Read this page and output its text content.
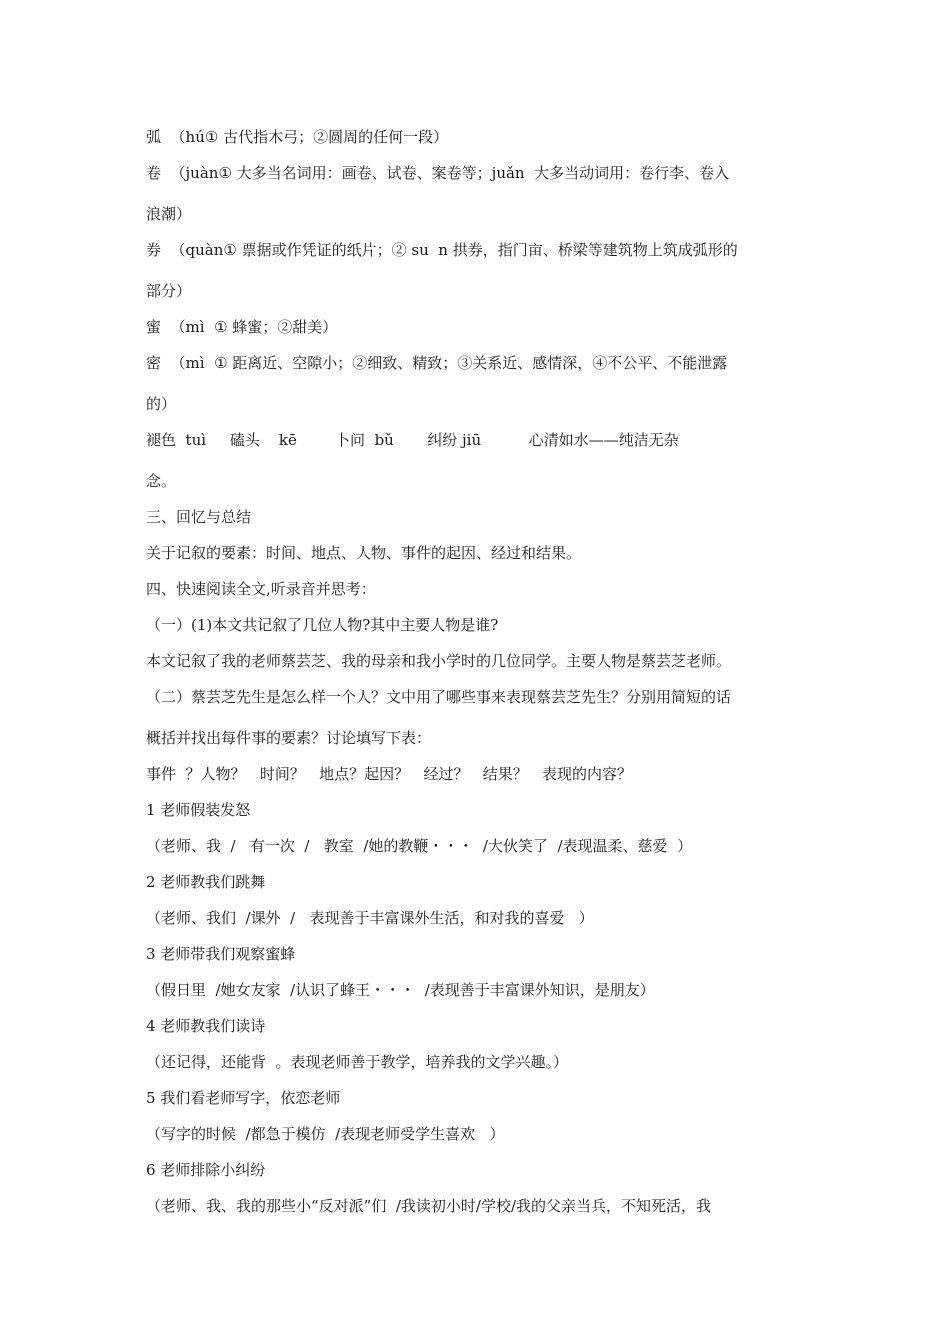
弧  （hú① 古代指木弓；②圆周的任何一段）
卷  （juàn① 大多当名词用：画卷、试卷、案卷等；juǎn  大多当动词用：卷行李、卷入
浪潮）
券  （quàn① 票据或作凭证的纸片；② su  n 拱券，指门亩、桥梁等建筑物上筑成弧形的
部分）
蜜  （mì  ① 蜂蜜；②甜美）
密  （mì  ① 距离近、空隙小；②细致、精致；③关系近、感情深，④不公平、不能泄露
的）
褪色  tuì     磕头    kē        卜问  bǔ       纠纷 jiū          心清如水——纯洁无杂
念。
三、回忆与总结
关于记叙的要素：时间、地点、人物、事件的起因、经过和结果。
四、快速阅读全文,听录音并思考：
（一）(1)本文共记叙了几位人物?其中主要人物是谁?
本文记叙了我的老师蔡芸芝、我的母亲和我小学时的几位同学。主要人物是蔡芸芝老师。
（二）蔡芸芝先生是怎么样一个人？文中用了哪些事来表现蔡芸芝先生？分别用简短的话
概括并找出每件事的要素？讨论填写下表：
事件  ？人物？   时间？   地点？起因？   经过？   结果？   表现的内容？
1 老师假装发怒
（老师、我  /   有一次  /   教室  /她的教鞭・・・  /大伙笑了  /表现温柔、慈爱  ）
2 老师教我们跳舞
（老师、我们  /课外  /   表现善于丰富课外生活，和对我的喜爱   ）
3 老师带我们观察蜜蜂
（假日里  /她女友家  /认识了蜂王・・・  /表现善于丰富课外知识，是朋友）
4 老师教我们读诗
（还记得，还能背  。表现老师善于教学，培养我的文学兴趣。）
5 我们看老师写字，依恋老师
（写字的时候  /都急于模仿  /表现老师受学生喜欢   ）
6 老师排除小纠纷
（老师、我、我的那些小“反对派”们  /我读初小时/学校/我的父亲当兵，不知死活，我
